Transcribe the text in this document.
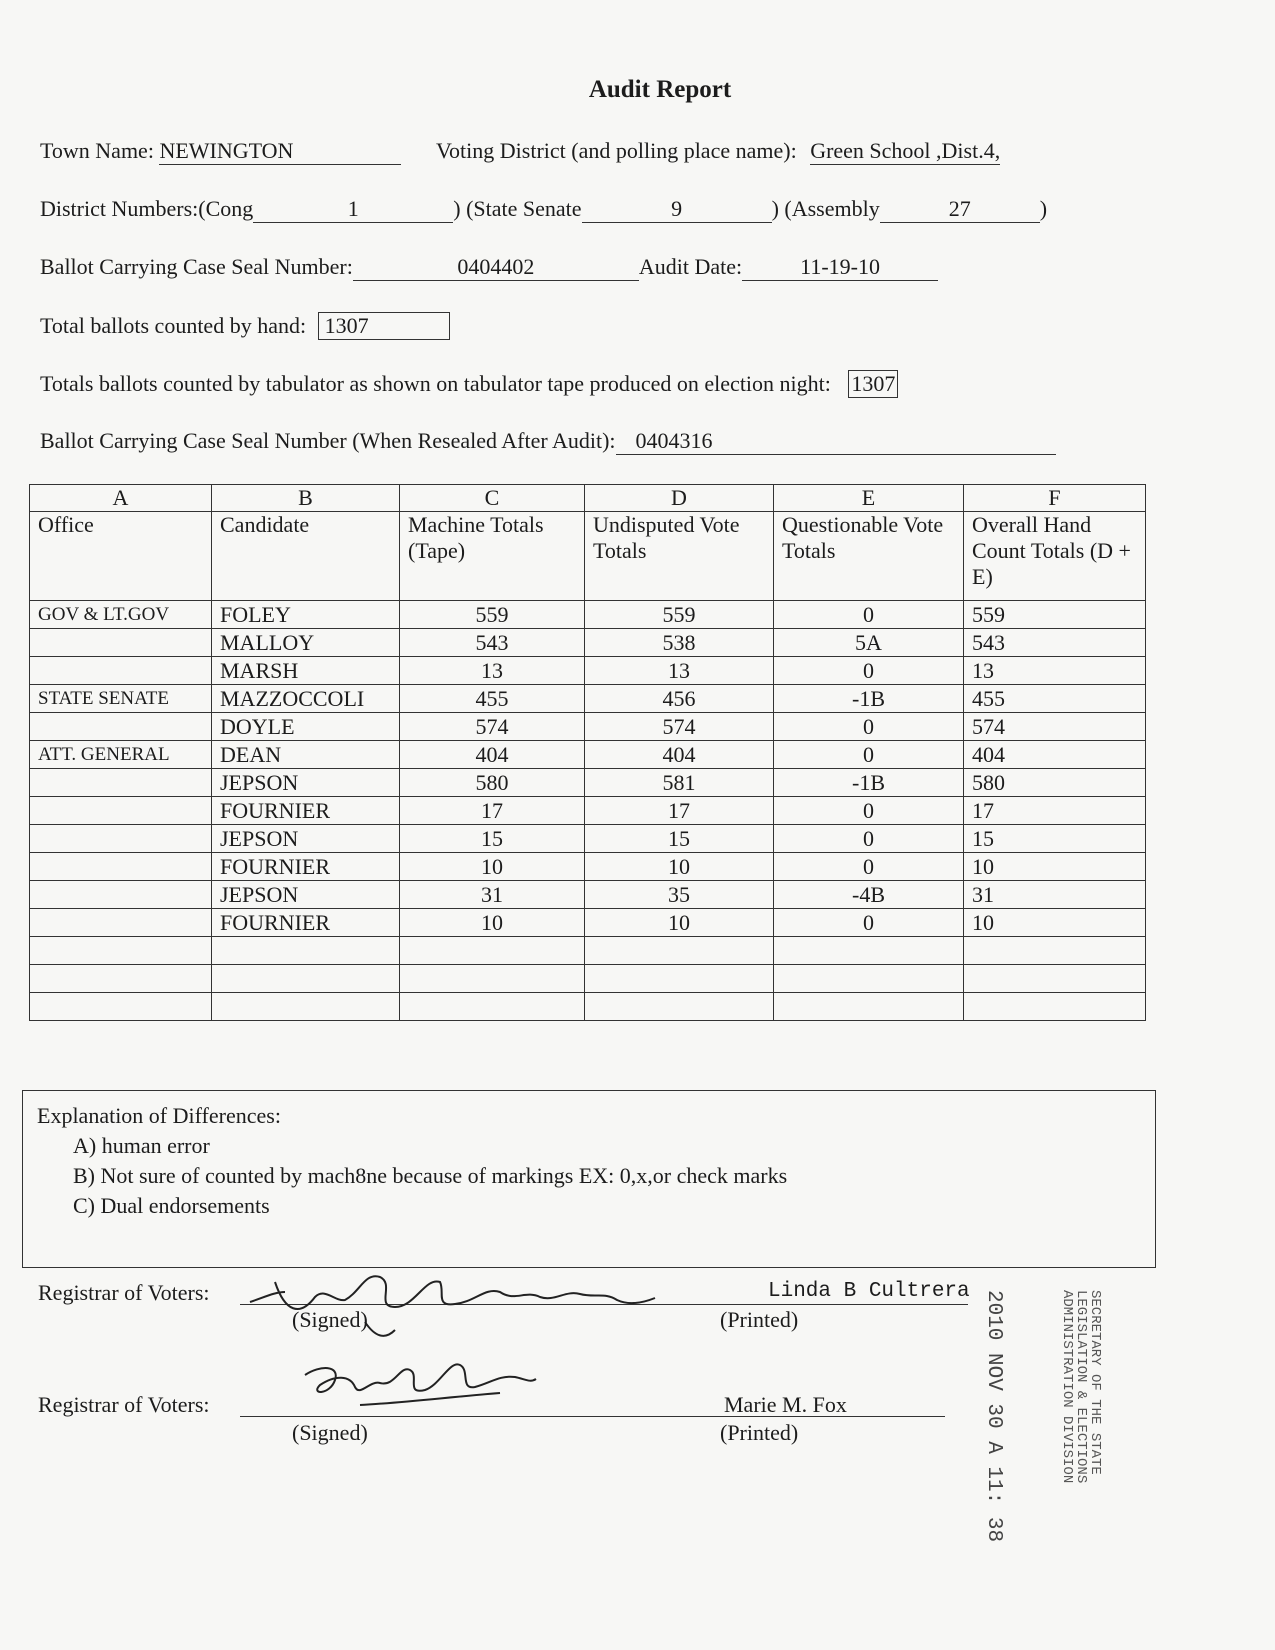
Audit Report
Town Name: NEWINGTON	Voting District (and polling place name): Green School ,Dist.4,
District Numbers:(Cong	1	) (State Senate	9	) (Assembly	27	)
Ballot Carrying Case Seal Number:	0404402	Audit Date:	11-19-10
Total ballots counted by hand: 1307
Totals ballots counted by tabulator as shown on tabulator tape produced on election night: 1307
Ballot Carrying Case Seal Number (When Resealed After Audit): 0404316
A	B	C	D	E	F
Office	Candidate	Machine Totals (Tape)	Undisputed Vote Totals	Questionable Vote Totals	Overall Hand Count Totals (D + E)
GOV & LT.GOV	FOLEY	559	559	0	559
	MALLOY	543	538	5A	543
	MARSH	13	13	0	13
STATE SENATE	MAZZOCCOLI	455	456	-1B	455
	DOYLE	574	574	0	574
ATT. GENERAL	DEAN	404	404	0	404
	JEPSON	580	581	-1B	580
	FOURNIER	17	17	0	17
	JEPSON	15	15	0	15
	FOURNIER	10	10	0	10
	JEPSON	31	35	-4B	31
	FOURNIER	10	10	0	10

Explanation of Differences:
A) human error
B) Not sure of counted by mach8ne because of markings EX: 0,x,or check marks
C) Dual endorsements
Registrar of Voters:	Linda B Cultrera
(Signed)	(Printed)
Registrar of Voters:	Marie M. Fox
(Signed)	(Printed)	SECRETARY OF THE STATE
LEGISLATION & ELECTIONS
ADMINISTRATION DIVISION
2010 NOV 30 A 11: 38
